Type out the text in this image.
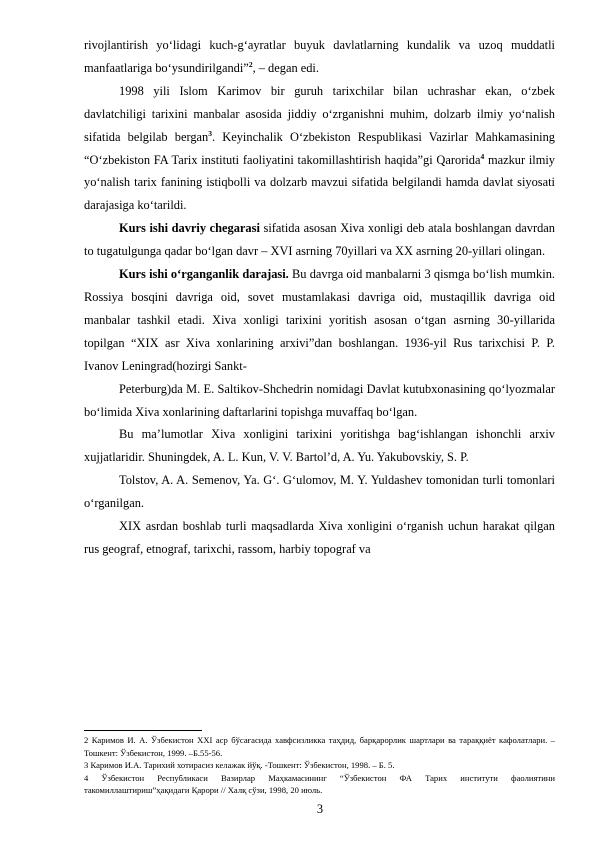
rivojlantirish yo‘lidagi kuch-g‘ayratlar buyuk davlatlarning kundalik va uzoq muddatli manfaatlariga bo‘ysundirilgandi”$^2$, – degan edi.

1998 yili Islom Karimov bir guruh tarixchilar bilan uchrashar ekan, o‘zbek davlatchiligi tarixini manbalar asosida jiddiy o‘zrganishni muhim, dolzarb ilmiy yo‘nalish sifatida belgilab bergan$^3$. Keyinchalik O‘zbekiston Respublikasi Vazirlar Mahkamasining “O‘zbekiston FA Tarix instituti faoliyatini takomillashtirish haqida”gi Qarorida$^4$ mazkur ilmiy yo‘nalish tarix fanining istiqbolli va dolzarb mavzui sifatida belgilandi hamda davlat siyosati darajasiga ko‘tarildi.

Kurs ishi davriy chegarasi sifatida asosan Xiva xonligi deb atala boshlangan davrdan to tugatulgunga qadar bo‘lgan davr – XVI asrning 70yillari va XX asrning 20-yillari olingan.

Kurs ishi o‘rganganlik darajasi. Bu davrga oid manbalarni 3 qismga bo‘lish mumkin. Rossiya bosqini davriga oid, sovet mustamlakasi davriga oid, mustaqillik davriga oid manbalar tashkil etadi. Xiva xonligi tarixini yoritish asosan o‘tgan asrning 30-yillarida topilgan “XIX asr Xiva xonlarining arxivi”dan boshlangan. 1936-yil Rus tarixchisi P. P. Ivanov Leningrad(hozirgi Sankt-

Peterburg)da M. E. Saltikov-Shchedrin nomidagi Davlat kutubxonasining qo‘lyozmalar bo‘limida Xiva xonlarining daftarlarini topishga muvaffaq bo‘lgan.

Bu ma’lumotlar Xiva xonligini tarixini yoritishga bag‘ishlangan ishonchli arxiv xujjatlaridir. Shuningdek, A. L. Kun, V. V. Bartol’d, A. Yu. Yakubovskiy, S. P.

Tolstov, A. A. Semenov, Ya. G‘. G‘ulomov, M. Y. Yuldashev tomonidan turli tomonlari o‘rganilgan.

XIX asrdan boshlab turli maqsadlarda Xiva xonligini o‘rganish uchun harakat qilgan rus geograf, etnograf, tarixchi, rassom, harbiy topograf va

2 Каримов И. А. Ўзбекистон XXI аср бўсағасида хавфсизликка таҳдид, барқарорлик шартлари ва тараққиёт кафолатлари. –Тошкент: Ўзбекистон, 1999. –Б.55-56.

3 Каримов И.А. Тарихий хотирасиз келажак йўқ. -Тошкент: Ўзбекистон, 1998. – Б. 5.

4 Ўзбекистон Республикаси Вазирлар Маҳкамасининг “Ўзбекистон ФА Тарих институти фаолиятини такомиллаштириш”ҳақидаги Қарори // Халқ сўзи, 1998, 20 июль.

3
